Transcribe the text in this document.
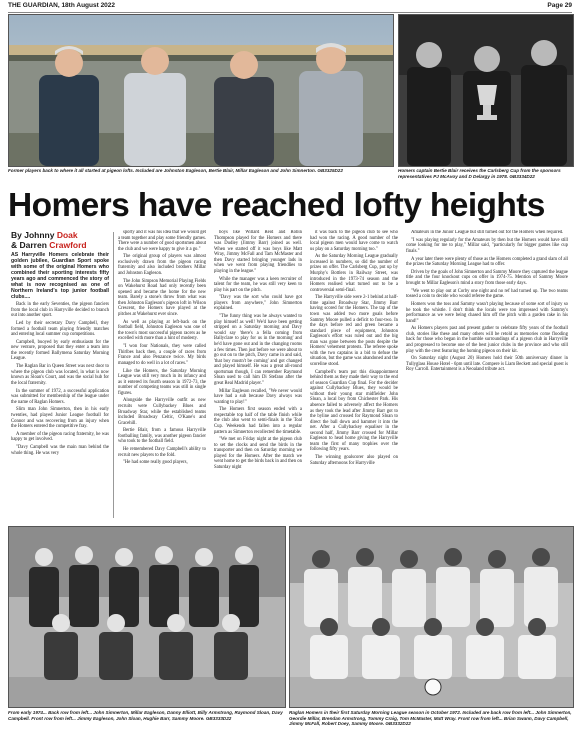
THE GUARDIAN, 18th August 2022	Page 29
Former players back to where it all started at pigeon lofts. Included are Johnston Eagleson, Bertie Blair, Millar Eagleson and John Simnerton. GB3325D22	Homers captain Bertie Blair receives the Carlsberg Cup from the sponsors representatives PJ McAvoy and D Delargy in 1978. GB3334D22
Homers have reached lofty heights
By Johnny Doak
& Darren Crawford

AS Harryville Homers celebrate their golden jubilee, Guardian Sport spoke with some of the original Homers who combined their sporting interests fifty years ago and commenced the story of what is now recognised as one of Northern Ireland's top junior football clubs....

Back in the early Seventies, the pigeon fanciers from the local club in Harryville decided to branch out into another sport.

Led by their secretary Davy Campbell, they formed a football team playing friendly matches and entering local summer cup competitions.

Campbell, buoyed by early enthusiasm for the new venture, proposed that they enter a team into the recently formed Ballymena Saturday Morning League.

The Raglan Bar in Queen Street was next door to where the pigeon club was located, in what is now known as Sloan's Court, and was the social hub for the local fraternity.

In the summer of 1972, a successful application was submitted for membership of the league under the name of Raglan Homers.

Slim man John Simnerton, then in his early twenties, had played Junior League football for Connor and was recovering from an injury when the Homers entered the competitive fray.

A member of the pigeon racing fraternity, he was happy to get involved.

"Davy Campbell was the main man behind the whole thing. He was very

sporty and it was his idea that we would get a team together and play some friendly games. There were a number of good sportsmen about the club and we were happy to give it a go."

The original group of players was almost exclusively drawn from the pigeon racing fraternity and also included brothers Millar and Johnston Eagleson.

The John Simpson Memorial Playing Fields on Wakehurst Road had only recently been opened and became the home for the new team. Barely a stone's throw from what was then Johnston Eagleson's pigeon loft in Wilson Crescent, the Homers have played at the pitches at Wakehurst ever since.

As well as playing at left-back on the football field, Johnston Eagleson was one of the town's most successful pigeon racers as he excelled with more than a hint of modesty.

"I won four Nationals, they were called Thirlbes back then, a couple of races from France and also Penzance twice. My birds managed to do well in a lot of races."

Like the Homers, the Saturday Morning League was still very much in its infancy and as it entered its fourth season in 1972-73, the number of competing teams was still in single figures.

Alongside the Harryville outfit as new recruits were Cullybackey Blues and Broadway Star, while the established teams included Broadway Celtic, O'Kane's and Gracehill.

Bertie Blair, from a famous Harryville footballing family, was another pigeon fancier who took to the football field.

He remembered Davy Campbell's ability to recruit new players to the fold.

"He had some really good players,

boys like Willard Reid and Robin Thompson played for the Homers and there was Dudley (Jimmy Barr) joined as well. When we started off it was boys like Matt Wray, Jimmy McFall and Tam McMaster and then Davy started bringing younger lads in when we went from playing friendlies to playing in the league."

While the manager was a keen recruiter of talent for the team, he was still very keen to play his part on the pitch.

"Davy was the sort who could have got players from anywhere," John Simnerton explained.

"The funny thing was he always wanted to play himself as well! We'd have been getting stripped on a Saturday morning and Davy would say 'there's a fella coming from Ballyclare to play for us in the morning' and he'd have gone out and in the changing rooms a few times. Then just before we were about to go out on to the pitch, Davy came in and said, 'that boy mustn't be coming' and got changed and played himself. He was a great all-round sportsman though, I can remember Raymond Sloan used to call him Di Stefano after the great Real Madrid player."

Millar Eagleson recalled, "We never would have had a sub because Davy always was wanting to play!"

The Homers first season ended with a respectable top half of the table finish while the club also went to semi-finals in the Toal Cup. Weekends had fallen into a regular pattern as Simnerton recollected the timetable.

"We met on Friday night at the pigeon club to set the clocks and send the birds in the transporter and then on Saturday morning we played for the Homers. After the match we went home to get the birds back in and then on Saturday night

it was back to the pigeon club to see who had won the racing. A good number of the local pigeon men would have come to watch us play on a Saturday morning too."

As the Saturday Morning League gradually increased in numbers, so did the number of prizes on offer. The Carlsberg Cup, put up by Murphy's Bottlers in Railway Street, was introduced in the 1973-74 season and the Homers realised what turned out to be a controversial semi-final.

The Harryville side were 2-1 behind at half-time against Broadway Star, Jimmy Barr having scored for the Homers. The tap of the town was added two more goals before Sammy Moore pulled a deficit to four-two. In the days before red and green became a standard piece of equipment, Johnston Eagleson's effort was ruled out and the big man was gone between the posts despite the Homers' vehement protests. The referee spoke with the two captains in a bid to defuse the situation, but the game was abandoned and the scoreline stood.

Campbell's team put this disappointment behind them as they made their way to the end of season Guardian Cup final. For the decider against Cullybackey Blues, they would be without their young star midfielder John Sloan, a local boy from Chichester Park. His absence failed to adversely affect the Homers as they took the lead after Jimmy Barr got to the byline and crossed for Raymond Sloan to direct the ball down and hammer it into the net. After a Cullybackey equaliser in the second half, Jimmy Barr crossed for Millar Eagleson to head home giving the Harryville team the first of many trophies over the following fifty years.

The winning goalscorer also played on Saturday afternoons for Harryville

Amateurs in the Junior League but still turned out for the Homers when required.

"I was playing regularly for the Amateurs by then but the Homers would have still come looking for me to play," Millar said, "particularly for bigger games like cup finals."

A year later there were plenty of those as the Homers completed a grand slam of all the prizes the Saturday Morning League had to offer.

Driven by the goals of John Simnerton and Sammy Moore they captured the league title and the four knockout cups on offer in 1974-75. Mention of Sammy Moore brought to Millar Eagleson's mind a story from those early days.

"We went to play out at Corby one night and no ref had turned up. The two teams tossed a coin to decide who would referee the game.

Homers won the toss and Sammy wasn't playing because of some sort of injury so he took the whistle. I don't think the locals were too impressed with Sammy's performance as we were being chased him off the pitch with a garden rake in his hand!"

As Homers players past and present gather to celebrate fifty years of the football club, stories like these and many others will be retold as memories come flooding back for those who began in the humble surroundings of a pigeon club in Harryville and progressed to become one of the best junior clubs in the province and who still play with the crest featuring the homing pigeon on their kit.

On Saturday night (August 20) Homers hold their 50th anniversary dinner in Tullyglass House Hotel - 6pm until late. Compere is Liam Beckett and special guest is Roy Carroll. Entertainment is a Neoaland tribute act.

From early 1974... Back row from left... John Simnerton, Millar Eagleson, Danny Elliott, Billy Armstrong, Raymond Sloan, Davy Campbell. Front row from left... Jimmy Eagleson, John Sloan, Hughie Barr, Sammy Moore. GB3333D22
Raglan Homers in their first Saturday Morning League season in October 1972. Included are back row from left... John Simnerton, Geordie Millar, Brendan Armstrong, Tommy Craig, Tom McMaster, Matt Wray. Front row from left... Brian Swann, Davy Campbell, Jimmy McFall, Robert Doey, Sammy Moore. GB3332D22
